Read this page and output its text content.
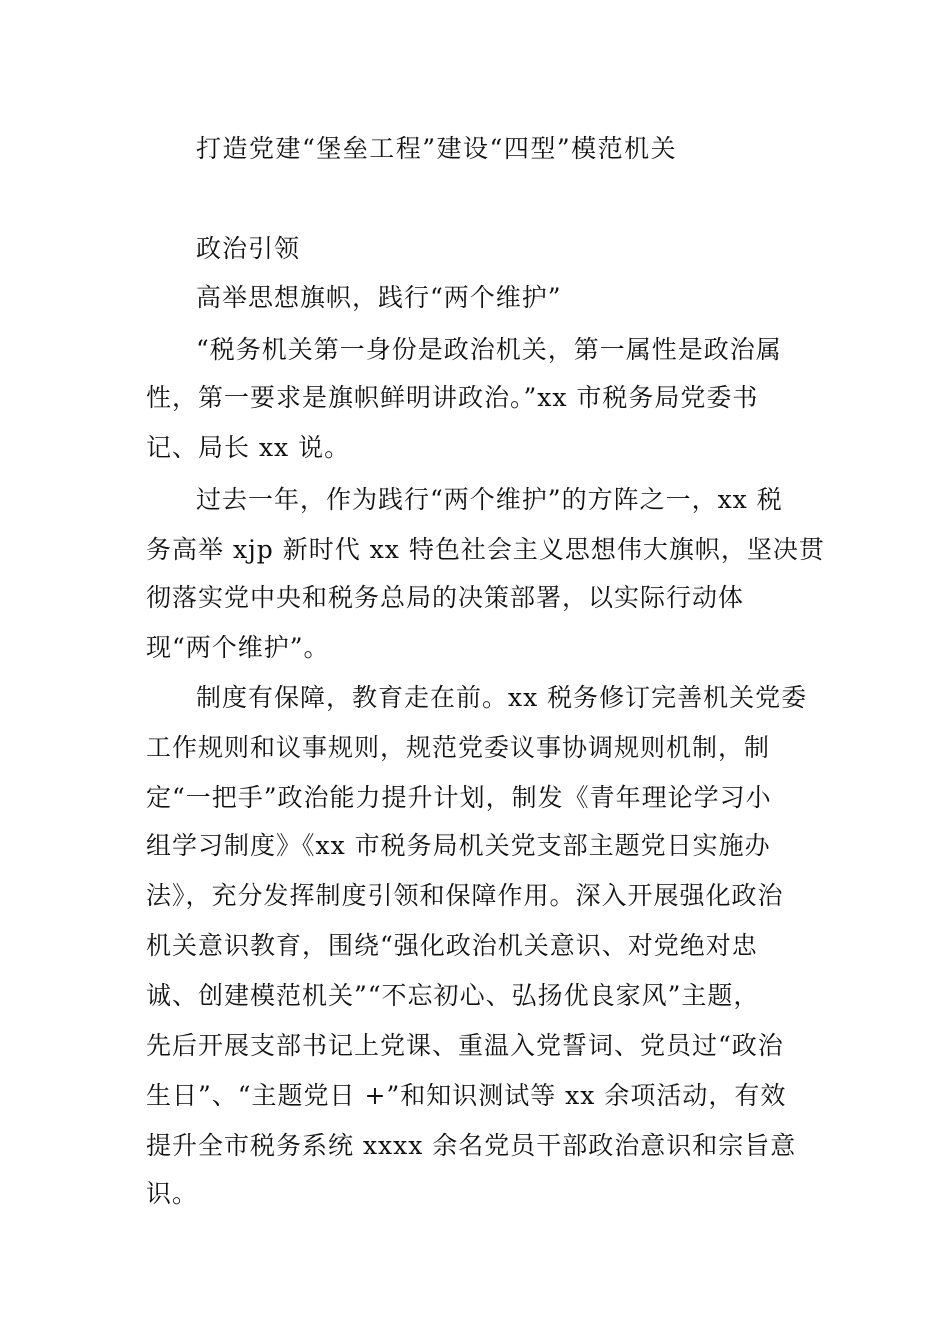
打造党建“堡垒工程”建设“四型”模范机关
政治引领
高举思想旗帜，践行“两个维护”
“税务机关第一身份是政治机关，第一属性是政治属
性，第一要求是旗帜鲜明讲政治。”xx 市税务局党委书
记、局长 xx 说。
过去一年，作为践行“两个维护”的方阵之一，xx 税
务高举 xjp 新时代 xx 特色社会主义思想伟大旗帜，坚决贯
彻落实党中央和税务总局的决策部署，以实际行动体
现“两个维护”。
制度有保障，教育走在前。xx 税务修订完善机关党委
工作规则和议事规则，规范党委议事协调规则机制，制
定“一把手”政治能力提升计划，制发《青年理论学习小
组学习制度》《xx 市税务局机关党支部主题党日实施办
法》，充分发挥制度引领和保障作用。深入开展强化政治
机关意识教育，围绕“强化政治机关意识、对党绝对忠
诚、创建模范机关”“不忘初心、弘扬优良家风”主题，
先后开展支部书记上党课、重温入党誓词、党员过“政治
生日”、“主题党日 +”和知识测试等 xx 余项活动，有效
提升全市税务系统 xxxx 余名党员干部政治意识和宗旨意
识。
